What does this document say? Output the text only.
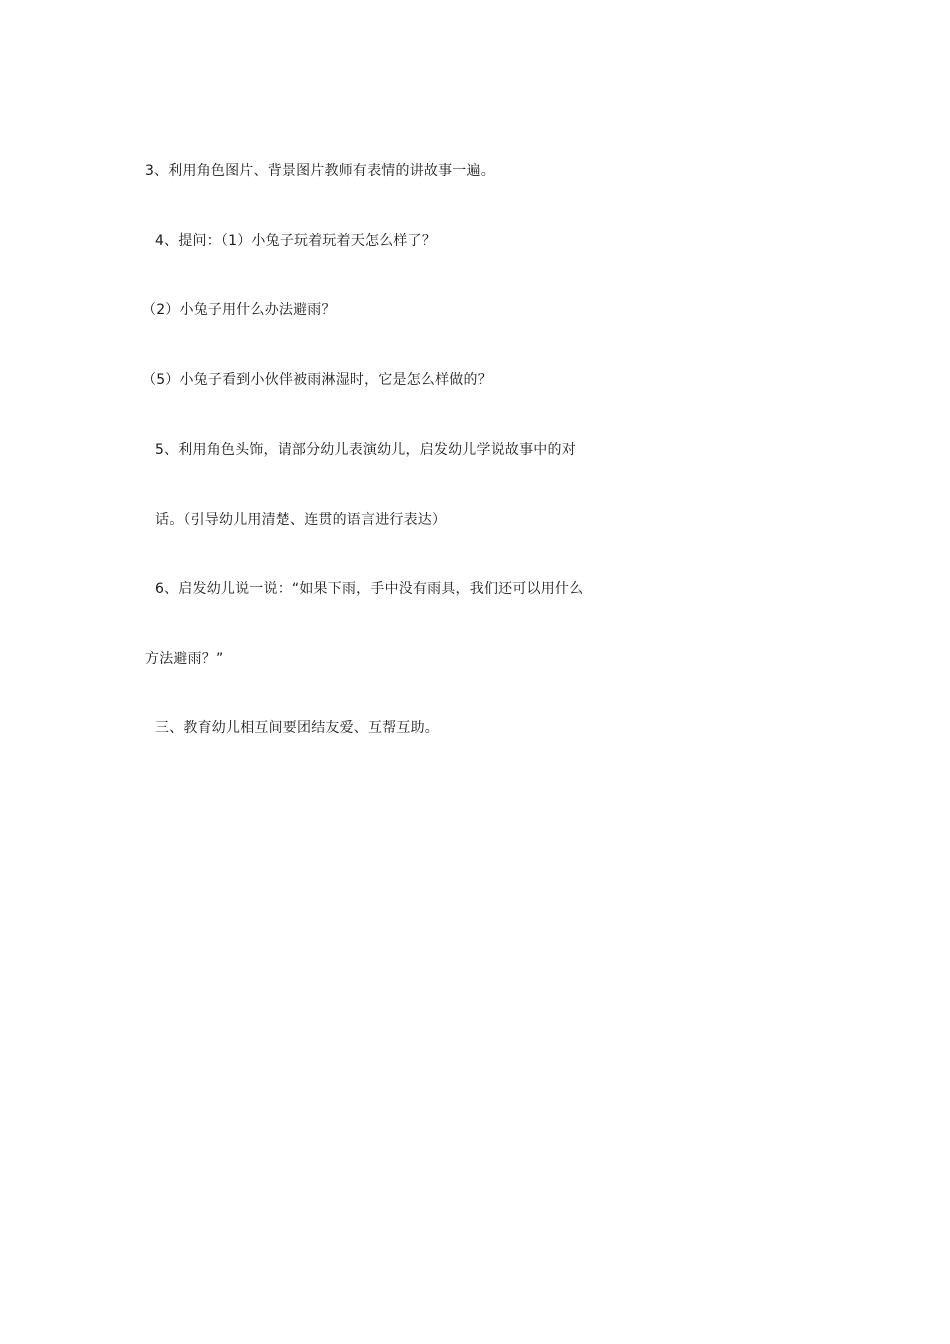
3、利用角色图片、背景图片教师有表情的讲故事一遍。
4、提问：（1）小兔子玩着玩着天怎么样了？
（2）小兔子用什么办法避雨？
（5）小兔子看到小伙伴被雨淋湿时，它是怎么样做的？
5、利用角色头饰，请部分幼儿表演幼儿，启发幼儿学说故事中的对
话。（引导幼儿用清楚、连贯的语言进行表达）
6、启发幼儿说一说：“如果下雨，手中没有雨具，我们还可以用什么
方法避雨？”
三、教育幼儿相互间要团结友爱、互帮互助。
